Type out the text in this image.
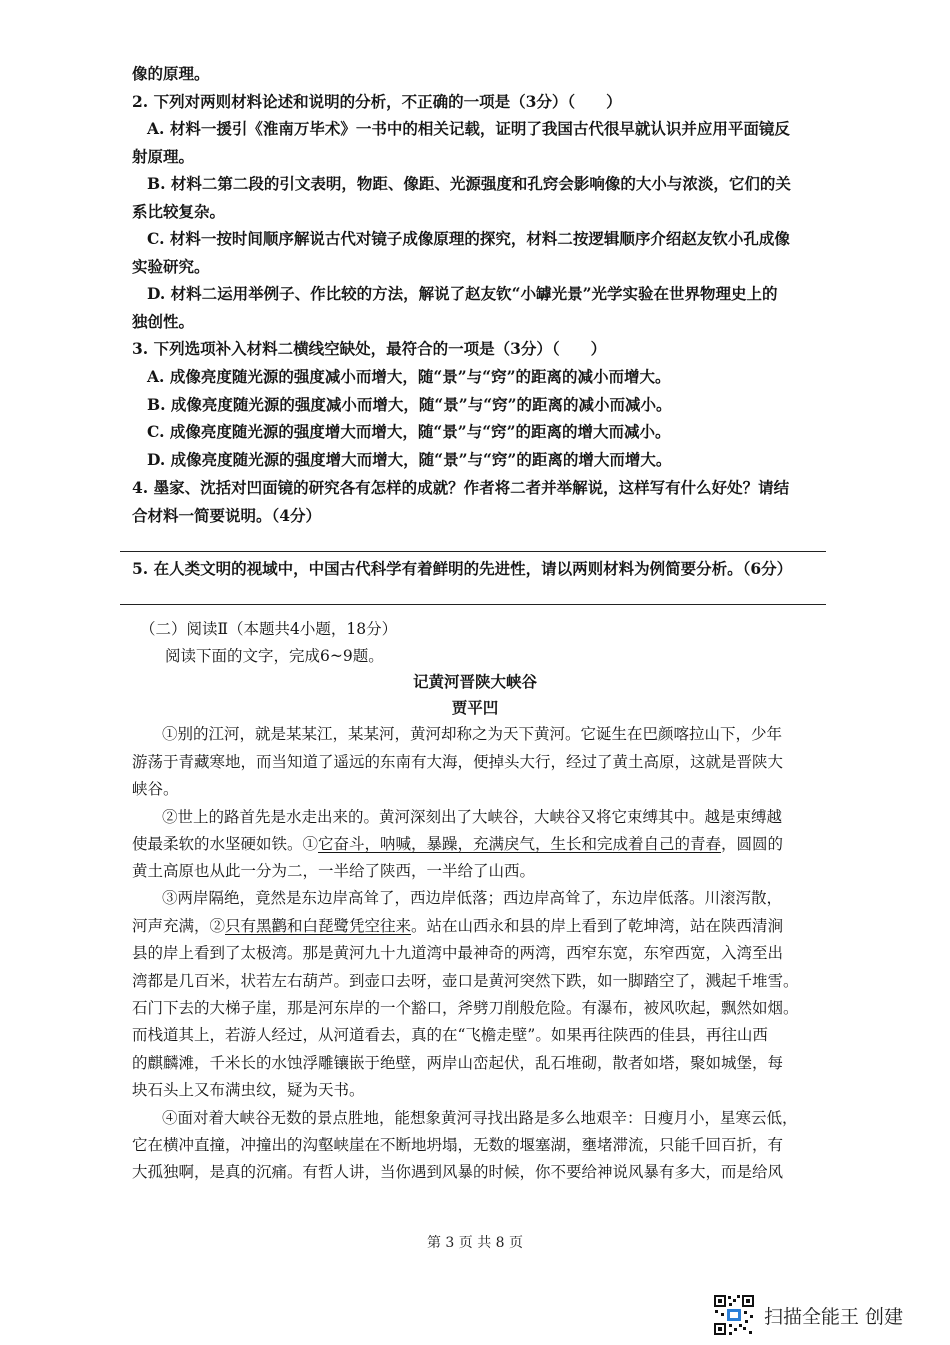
像的原理。
2. 下列对两则材料论述和说明的分析，不正确的一项是（3分）（　　）
A. 材料一援引《淮南万毕术》一书中的相关记载，证明了我国古代很早就认识并应用平面镜反
射原理。
B. 材料二第二段的引文表明，物距、像距、光源强度和孔窍会影响像的大小与浓淡，它们的关
系比较复杂。
C. 材料一按时间顺序解说古代对镜子成像原理的探究，材料二按逻辑顺序介绍赵友钦小孔成像
实验研究。
D. 材料二运用举例子、作比较的方法，解说了赵友钦“小罅光景”光学实验在世界物理史上的
独创性。
3. 下列选项补入材料二横线空缺处，最符合的一项是（3分）（　　）
A. 成像亮度随光源的强度减小而增大，随“景”与“窍”的距离的减小而增大。
B. 成像亮度随光源的强度减小而增大，随“景”与“窍”的距离的减小而减小。
C. 成像亮度随光源的强度增大而增大，随“景”与“窍”的距离的增大而减小。
D. 成像亮度随光源的强度增大而增大，随“景”与“窍”的距离的增大而增大。
4. 墨家、沈括对凹面镜的研究各有怎样的成就？作者将二者并举解说，这样写有什么好处？请结
合材料一简要说明。（4分）
5. 在人类文明的视域中，中国古代科学有着鲜明的先进性，请以两则材料为例简要分析。（6分）
（二）阅读Ⅱ（本题共4小题，18分）
阅读下面的文字，完成6~9题。
记黄河晋陕大峡谷
贾平凹
①别的江河，就是某某江，某某河，黄河却称之为天下黄河。它诞生在巴颜喀拉山下，少年
游荡于青藏寒地，而当知道了遥远的东南有大海，便掉头大行，经过了黄土高原，这就是晋陕大
峡谷。
②世上的路首先是水走出来的。黄河深刻出了大峡谷，大峡谷又将它束缚其中。越是束缚越
使最柔软的水坚硬如铁。①它奋斗，呐喊，暴躁，充满戾气，生长和完成着自己的青春，圆圆的
黄土高原也从此一分为二，一半给了陕西，一半给了山西。
③两岸隔绝，竟然是东边岸高耸了，西边岸低落；西边岸高耸了，东边岸低落。川滚泻散，
河声充满，②只有黑鹳和白琵鹭凭空往来。站在山西永和县的岸上看到了乾坤湾，站在陕西清涧
县的岸上看到了太极湾。那是黄河九十九道湾中最神奇的两湾，西窄东宽，东窄西宽，入湾至出
湾都是几百米，状若左右葫芦。到壶口去呀，壶口是黄河突然下跌，如一脚踏空了，溅起千堆雪。
石门下去的大梯子崖，那是河东岸的一个豁口，斧劈刀削般危险。有瀑布，被风吹起，飘然如烟。
而栈道其上，若游人经过，从河道看去，真的在“飞檐走壁”。如果再往陕西的佳县，再往山西
的麒麟滩，千米长的水蚀浮雕镶嵌于绝壁，两岸山峦起伏，乱石堆砌，散者如塔，聚如城堡，每
块石头上又布满虫纹，疑为天书。
④面对着大峡谷无数的景点胜地，能想象黄河寻找出路是多么地艰辛：日瘦月小，星寒云低，
它在横冲直撞，冲撞出的沟壑峡崖在不断地坍塌，无数的堰塞湖，壅堵滞流，只能千回百折，有
大孤独啊，是真的沉痛。有哲人讲，当你遇到风暴的时候，你不要给神说风暴有多大，而是给风
第 3 页 共 8 页
扫描全能王 创建
